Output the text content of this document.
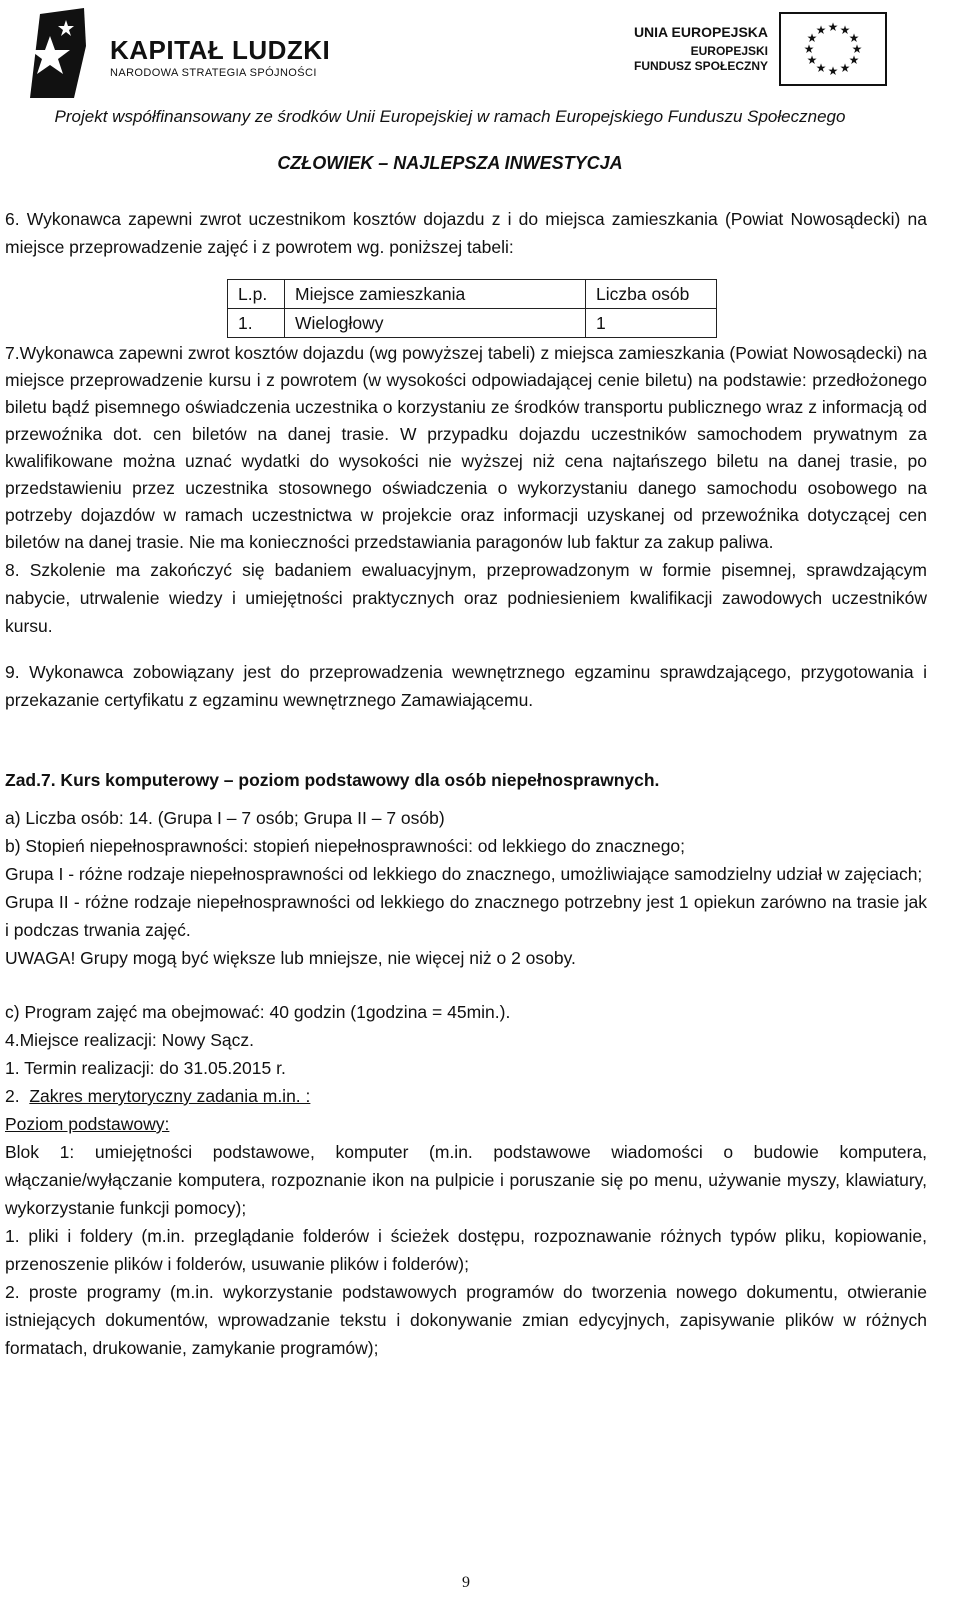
KAPITAŁ LUDZKI
NARODOWA STRATEGIA SPÓJNOŚCI
UNIA EUROPEJSKA
EUROPEJSKI
FUNDUSZ SPOŁECZNY
★ ★
★
★
★
★
★
★
★
★
★
★
Projekt współfinansowany ze środków Unii Europejskiej w ramach Europejskiego Funduszu Społecznego
CZŁOWIEK – NAJLEPSZA INWESTYCJA

6. Wykonawca zapewni zwrot uczestnikom kosztów dojazdu z i do miejsca zamieszkania (Powiat Nowosądecki) na miejsce przeprowadzenie zajęć i z powrotem wg. poniższej tabeli:

L.p.	Miejsce zamieszkania	Liczba osób
1.	Wielogłowy	1

7.Wykonawca zapewni zwrot kosztów dojazdu (wg powyższej tabeli) z miejsca zamieszkania (Powiat Nowosądecki) na miejsce przeprowadzenie kursu i z powrotem (w wysokości odpowiadającej cenie biletu) na podstawie: przedłożonego biletu bądź pisemnego oświadczenia uczestnika o korzystaniu ze środków transportu publicznego wraz z informacją od przewoźnika dot. cen biletów na danej trasie. W przypadku dojazdu uczestników samochodem prywatnym za kwalifikowane można uznać wydatki do wysokości nie wyższej niż cena najtańszego biletu na danej trasie, po przedstawieniu przez uczestnika stosownego oświadczenia o wykorzystaniu danego samochodu osobowego na potrzeby dojazdów w ramach uczestnictwa w projekcie oraz informacji uzyskanej od przewoźnika dotyczącej cen biletów na danej trasie. Nie ma konieczności przedstawiania paragonów lub faktur za zakup paliwa.

8. Szkolenie ma zakończyć się badaniem ewaluacyjnym, przeprowadzonym w formie pisemnej, sprawdzającym nabycie, utrwalenie wiedzy i umiejętności praktycznych oraz podniesieniem kwalifikacji zawodowych uczestników kursu.

9. Wykonawca zobowiązany jest do przeprowadzenia wewnętrznego egzaminu sprawdzającego, przygotowania i przekazanie certyfikatu z egzaminu wewnętrznego Zamawiającemu.

Zad.7. Kurs komputerowy – poziom podstawowy dla osób niepełnosprawnych.

a) Liczba osób: 14. (Grupa I – 7 osób; Grupa II – 7 osób)

b) Stopień niepełnosprawności: stopień niepełnosprawności: od lekkiego do znacznego;

Grupa I - różne rodzaje niepełnosprawności od lekkiego do znacznego, umożliwiające samodzielny udział w zajęciach;

Grupa II - różne rodzaje niepełnosprawności od lekkiego do znacznego potrzebny jest 1 opiekun zarówno na trasie jak i podczas trwania zajęć.

UWAGA! Grupy mogą być większe lub mniejsze, nie więcej niż o 2 osoby.

c) Program zajęć ma obejmować: 40 godzin (1godzina = 45min.).

4.Miejsce realizacji: Nowy Sącz.

1. Termin realizacji: do 31.05.2015 r.

2.  Zakres merytoryczny zadania m.in. :

Poziom podstawowy:

Blok 1: umiejętności podstawowe, komputer (m.in. podstawowe wiadomości o budowie komputera, włączanie/wyłączanie komputera, rozpoznanie ikon na pulpicie i poruszanie się po menu, używanie myszy, klawiatury, wykorzystanie funkcji pomocy);

1. pliki i foldery (m.in. przeglądanie folderów i ścieżek dostępu, rozpoznawanie różnych typów pliku, kopiowanie, przenoszenie plików i folderów, usuwanie plików i folderów);

2. proste programy (m.in. wykorzystanie podstawowych programów do tworzenia nowego dokumentu, otwieranie istniejących dokumentów, wprowadzanie tekstu i dokonywanie zmian edycyjnych, zapisywanie plików w różnych formatach, drukowanie, zamykanie programów);

9
